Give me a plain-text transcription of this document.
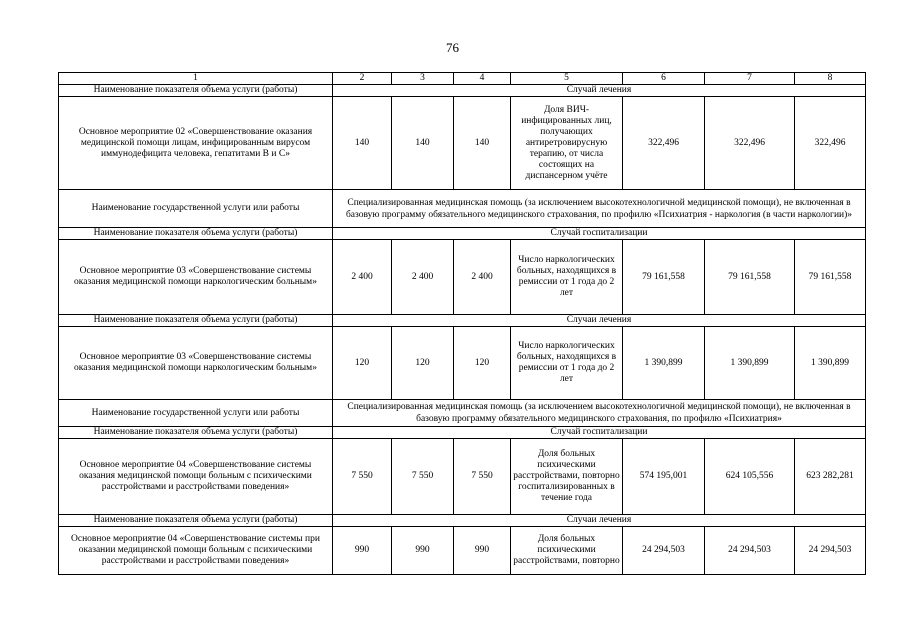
76
1	2	3	4	5	6	7	8
Наименование показателя объема услуги (работы)	Случай лечения						
Основное мероприятие 02 «Совершенствование оказания медицинской помощи лицам, инфицированным вирусом иммунодефицита человека, гепатитами В и С»	140	140	140	Доля ВИЧ-инфицированных лиц, получающих антиретровирусную терапию, от числа состоящих на диспансерном учёте	322,496	322,496	322,496
Наименование государственной услуги или работы	Специализированная медицинская помощь (за исключением высокотехнологичной медицинской помощи), не включенная в базовую программу обязательного медицинского страхования, по профилю «Психиатрия - наркология (в части наркологии)»						
Наименование показателя объема услуги (работы)	Случай госпитализации						
Основное мероприятие 03 «Совершенствование системы оказания медицинской помощи наркологическим больным»	2 400	2 400	2 400	Число наркологических больных, находящихся в ремиссии от 1 года до 2 лет	79 161,558	79 161,558	79 161,558
Наименование показателя объема услуги (работы)	Случаи лечения						
Основное мероприятие 03 «Совершенствование системы оказания медицинской помощи наркологическим больным»	120	120	120	Число наркологических больных, находящихся в ремиссии от 1 года до 2 лет	1 390,899	1 390,899	1 390,899
Наименование государственной услуги или работы	Специализированная медицинская помощь (за исключением высокотехнологичной медицинской помощи), не включенная в базовую программу обязательного медицинского страхования, по профилю «Психиатрия»						
Наименование показателя объема услуги (работы)	Случай госпитализации						
Основное мероприятие 04 «Совершенствование системы оказания медицинской помощи больным с психическими расстройствами и расстройствами поведения»	7 550	7 550	7 550	Доля больных психическими расстройствами, повторно госпитализированных в течение года	574 195,001	624 105,556	623 282,281
Наименование показателя объема услуги (работы)	Случаи лечения						
Основное мероприятие 04 «Совершенствование системы при оказании медицинской помощи больным с психическими расстройствами и расстройствами поведения»	990	990	990	Доля больных психическими расстройствами, повторно	24 294,503	24 294,503	24 294,503
